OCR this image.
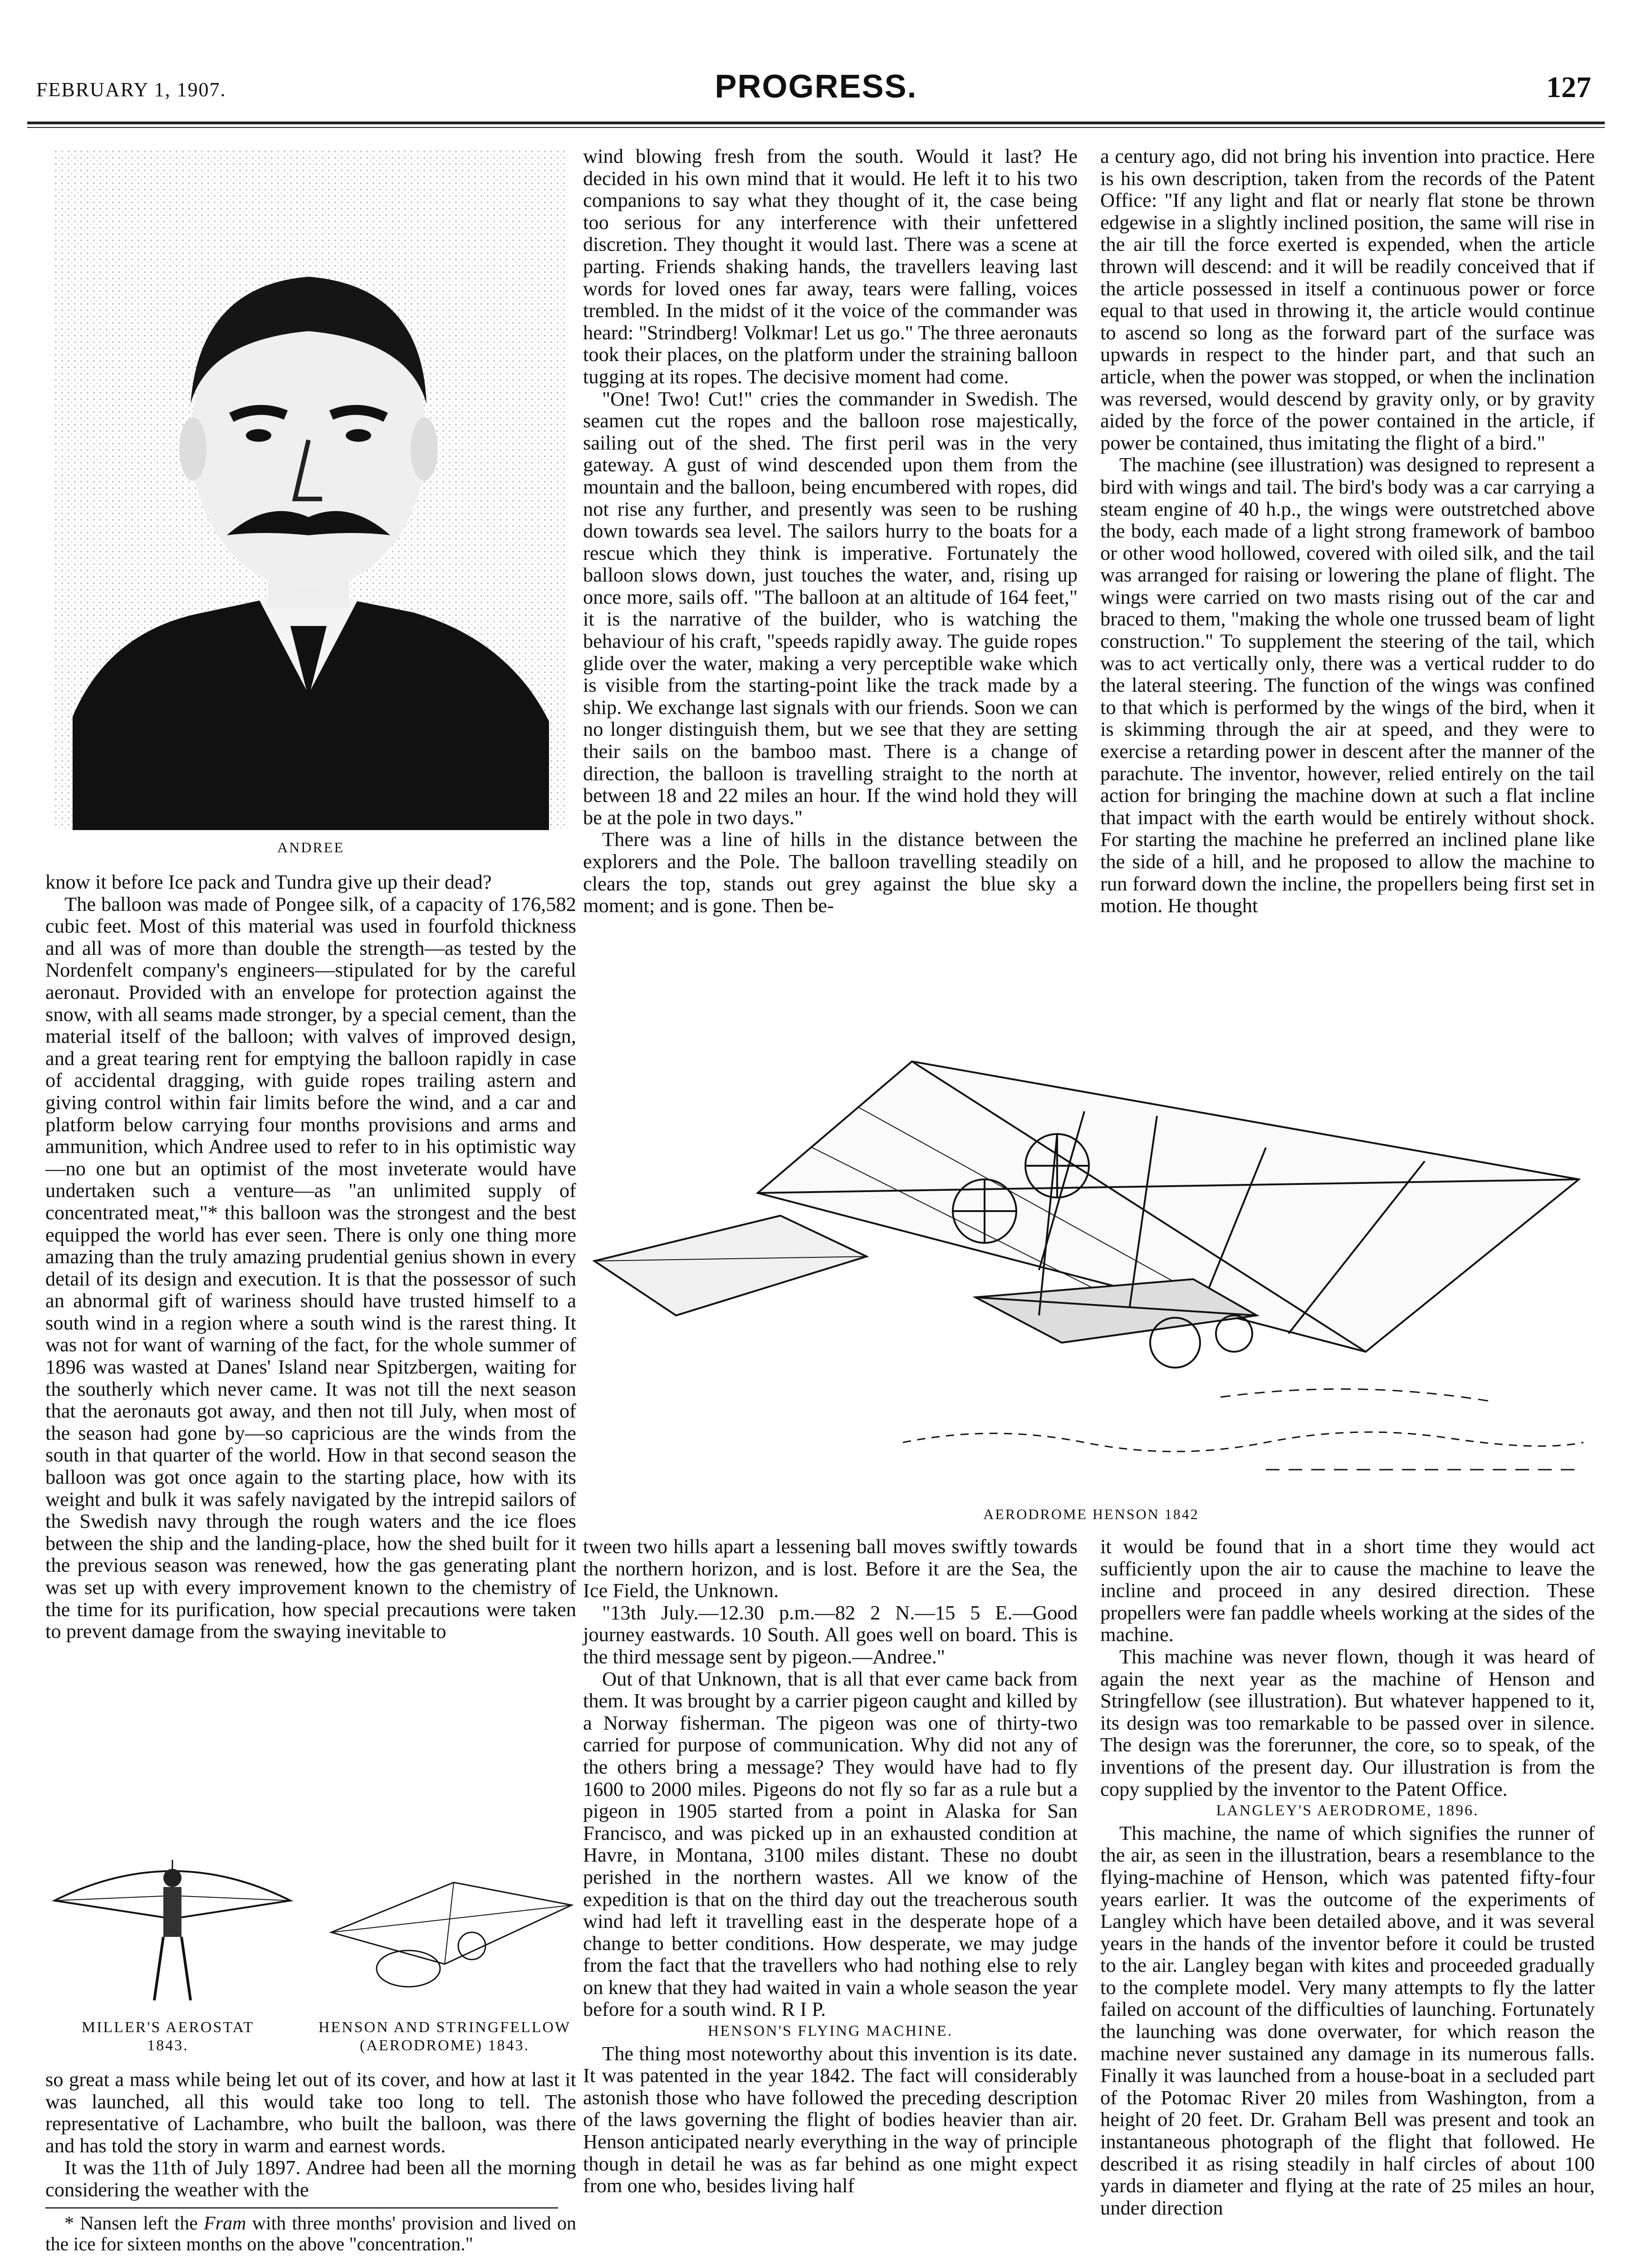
FEBRUARY 1, 1907.	PROGRESS.	127
ANDREE

know it before Ice pack and Tundra give up their dead?

The balloon was made of Pongee silk, of a capacity of 176,582 cubic feet. Most of this material was used in fourfold thickness and all was of more than double the strength—as tested by the Nordenfelt company's engineers—stipulated for by the careful aeronaut. Provided with an envelope for protection against the snow, with all seams made stronger, by a special cement, than the material itself of the balloon; with valves of improved design, and a great tearing rent for emptying the balloon rapidly in case of accidental dragging, with guide ropes trailing astern and giving control within fair limits before the wind, and a car and platform below carrying four months provisions and arms and ammunition, which Andree used to refer to in his optimistic way—no one but an optimist of the most inveterate would have undertaken such a venture—as "an unlimited supply of concentrated meat,"* this balloon was the strongest and the best equipped the world has ever seen. There is only one thing more amazing than the truly amazing prudential genius shown in every detail of its design and execution. It is that the possessor of such an abnormal gift of wariness should have trusted himself to a south wind in a region where a south wind is the rarest thing. It was not for want of warning of the fact, for the whole summer of 1896 was wasted at Danes' Island near Spitzbergen, waiting for the southerly which never came. It was not till the next season that the aeronauts got away, and then not till July, when most of the season had gone by—so capricious are the winds from the south in that quarter of the world. How in that second season the balloon was got once again to the starting place, how with its weight and bulk it was safely navigated by the intrepid sailors of the Swedish navy through the rough waters and the ice floes between the ship and the landing-place, how the shed built for it the previous season was renewed, how the gas generating plant was set up with every improvement known to the chemistry of the time for its purification, how special precautions were taken to prevent damage from the swaying inevitable to

MILLER'S AEROSTAT
1843.
HENSON AND STRINGFELLOW
(AERODROME) 1843.

so great a mass while being let out of its cover, and how at last it was launched, all this would take too long to tell. The representative of Lachambre, who built the balloon, was there and has told the story in warm and earnest words.

It was the 11th of July 1897. Andree had been all the morning considering the weather with the

* Nansen left the Fram with three months' provision and lived on the ice for sixteen months on the above "concentration."

wind blowing fresh from the south. Would it last? He decided in his own mind that it would. He left it to his two companions to say what they thought of it, the case being too serious for any interference with their unfettered discretion. They thought it would last. There was a scene at parting. Friends shaking hands, the travellers leaving last words for loved ones far away, tears were falling, voices trembled. In the midst of it the voice of the commander was heard: "Strindberg! Volkmar! Let us go." The three aeronauts took their places, on the platform under the straining balloon tugging at its ropes. The decisive moment had come.

"One! Two! Cut!" cries the commander in Swedish. The seamen cut the ropes and the balloon rose majestically, sailing out of the shed. The first peril was in the very gateway. A gust of wind descended upon them from the mountain and the balloon, being encumbered with ropes, did not rise any further, and presently was seen to be rushing down towards sea level. The sailors hurry to the boats for a rescue which they think is imperative. Fortunately the balloon slows down, just touches the water, and, rising up once more, sails off. "The balloon at an altitude of 164 feet," it is the narrative of the builder, who is watching the behaviour of his craft, "speeds rapidly away. The guide ropes glide over the water, making a very perceptible wake which is visible from the starting-point like the track made by a ship. We exchange last signals with our friends. Soon we can no longer distinguish them, but we see that they are setting their sails on the bamboo mast. There is a change of direction, the balloon is travelling straight to the north at between 18 and 22 miles an hour. If the wind hold they will be at the pole in two days."

There was a line of hills in the distance between the explorers and the Pole. The balloon travelling steadily on clears the top, stands out grey against the blue sky a moment; and is gone. Then be-

a century ago, did not bring his invention into practice. Here is his own description, taken from the records of the Patent Office: "If any light and flat or nearly flat stone be thrown edgewise in a slightly inclined position, the same will rise in the air till the force exerted is expended, when the article thrown will descend: and it will be readily conceived that if the article possessed in itself a continuous power or force equal to that used in throwing it, the article would continue to ascend so long as the forward part of the surface was upwards in respect to the hinder part, and that such an article, when the power was stopped, or when the inclination was reversed, would descend by gravity only, or by gravity aided by the force of the power contained in the article, if power be contained, thus imitating the flight of a bird."

The machine (see illustration) was designed to represent a bird with wings and tail. The bird's body was a car carrying a steam engine of 40 h.p., the wings were outstretched above the body, each made of a light strong framework of bamboo or other wood hollowed, covered with oiled silk, and the tail was arranged for raising or lowering the plane of flight. The wings were carried on two masts rising out of the car and braced to them, "making the whole one trussed beam of light construction." To supplement the steering of the tail, which was to act vertically only, there was a vertical rudder to do the lateral steering. The function of the wings was confined to that which is performed by the wings of the bird, when it is skimming through the air at speed, and they were to exercise a retarding power in descent after the manner of the parachute. The inventor, however, relied entirely on the tail action for bringing the machine down at such a flat incline that impact with the earth would be entirely without shock. For starting the machine he preferred an inclined plane like the side of a hill, and he proposed to allow the machine to run forward down the incline, the propellers being first set in motion. He thought

AERODROME HENSON 1842

tween two hills apart a lessening ball moves swiftly towards the northern horizon, and is lost. Before it are the Sea, the Ice Field, the Unknown.

"13th July.—12.30 p.m.—82 2 N.—15 5 E.—Good journey eastwards. 10 South. All goes well on board. This is the third message sent by pigeon.—Andree."

Out of that Unknown, that is all that ever came back from them. It was brought by a carrier pigeon caught and killed by a Norway fisherman. The pigeon was one of thirty-two carried for purpose of communication. Why did not any of the others bring a message? They would have had to fly 1600 to 2000 miles. Pigeons do not fly so far as a rule but a pigeon in 1905 started from a point in Alaska for San Francisco, and was picked up in an exhausted condition at Havre, in Montana, 3100 miles distant. These no doubt perished in the northern wastes. All we know of the expedition is that on the third day out the treacherous south wind had left it travelling east in the desperate hope of a change to better conditions. How desperate, we may judge from the fact that the travellers who had nothing else to rely on knew that they had waited in vain a whole season the year before for a south wind. R I P.

HENSON'S FLYING MACHINE.

The thing most noteworthy about this invention is its date. It was patented in the year 1842. The fact will considerably astonish those who have followed the preceding description of the laws governing the flight of bodies heavier than air. Henson anticipated nearly everything in the way of principle though in detail he was as far behind as one might expect from one who, besides living half

it would be found that in a short time they would act sufficiently upon the air to cause the machine to leave the incline and proceed in any desired direction. These propellers were fan paddle wheels working at the sides of the machine.

This machine was never flown, though it was heard of again the next year as the machine of Henson and Stringfellow (see illustration). But whatever happened to it, its design was too remarkable to be passed over in silence. The design was the forerunner, the core, so to speak, of the inventions of the present day. Our illustration is from the copy supplied by the inventor to the Patent Office.

LANGLEY'S AERODROME, 1896.

This machine, the name of which signifies the runner of the air, as seen in the illustration, bears a resemblance to the flying-machine of Henson, which was patented fifty-four years earlier. It was the outcome of the experiments of Langley which have been detailed above, and it was several years in the hands of the inventor before it could be trusted to the air. Langley began with kites and proceeded gradually to the complete model. Very many attempts to fly the latter failed on account of the difficulties of launching. Fortunately the launching was done overwater, for which reason the machine never sustained any damage in its numerous falls. Finally it was launched from a house-boat in a secluded part of the Potomac River 20 miles from Washington, from a height of 20 feet. Dr. Graham Bell was present and took an instantaneous photograph of the flight that followed. He described it as rising steadily in half circles of about 100 yards in diameter and flying at the rate of 25 miles an hour, under direction
